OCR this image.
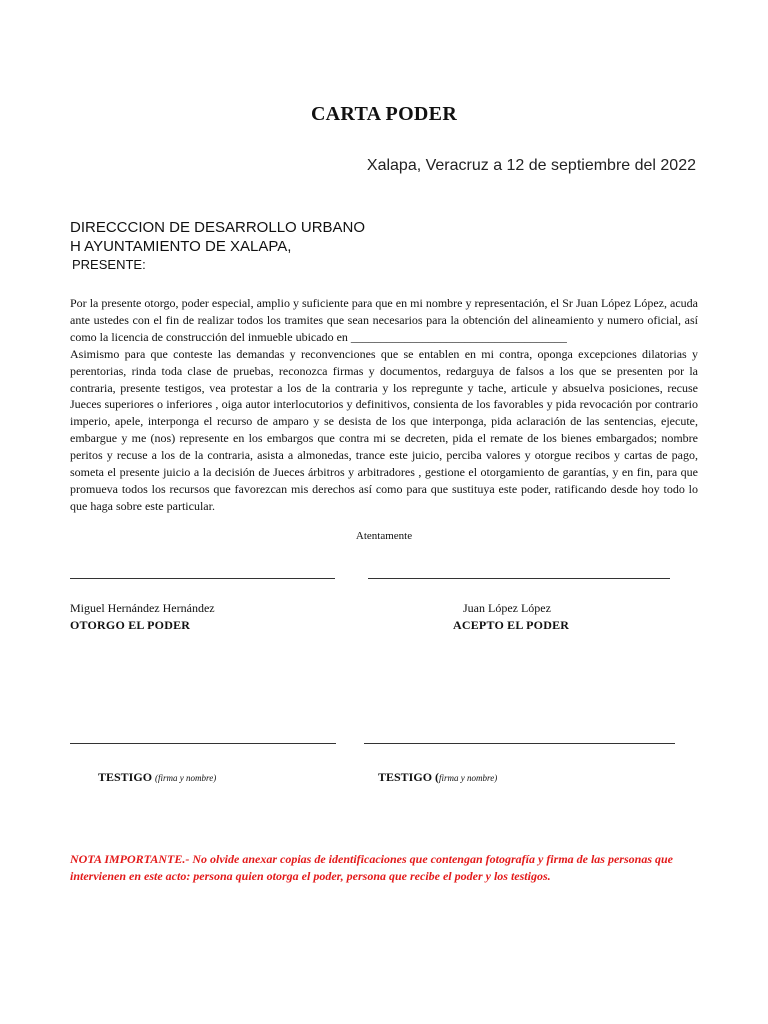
CARTA PODER

Xalapa, Veracruz a 12 de septiembre del 2022

DIRECCCION DE DESARROLLO URBANO

H AYUNTAMIENTO DE XALAPA,

PRESENTE:

Por la presente otorgo, poder especial, amplio y suficiente para que en mi nombre y representación, el Sr Juan López López, acuda ante ustedes con el fin de realizar todos los tramites que sean necesarios para la obtención del alineamiento y numero oficial, así como la licencia de construcción del inmueble ubicado en ____________________________________
Asimismo para que conteste las demandas y reconvenciones que se entablen en mi contra, oponga excepciones dilatorias y perentorias, rinda toda clase de pruebas, reconozca firmas y documentos, redarguya de falsos a los que se presenten por la contraria, presente testigos, vea protestar a los de la contraria y los repregunte y tache, articule y absuelva posiciones, recuse Jueces superiores o inferiores , oiga autor interlocutorios y definitivos, consienta de los favorables y pida revocación por contrario imperio, apele, interponga el recurso de amparo y se desista de los que interponga, pida aclaración de las sentencias, ejecute, embargue y me (nos) represente en los embargos que contra mi se decreten, pida el remate de los bienes embargados; nombre peritos y recuse a los de la contraria, asista a almonedas, trance este juicio, perciba valores y otorgue recibos y cartas de pago, someta el presente juicio a la decisión de Jueces árbitros y arbitradores , gestione el otorgamiento de garantías, y en fin, para que promueva todos los recursos que favorezcan mis derechos así como para que sustituya este poder, ratificando desde hoy todo lo que haga sobre este particular.

Atentamente

Miguel Hernández Hernández

OTORGO EL PODER

Juan López López

ACEPTO EL PODER

TESTIGO (firma y nombre)	TESTIGO (firma y nombre)

NOTA IMPORTANTE.- No olvide anexar copias de identificaciones que contengan fotografía y firma de las personas que intervienen en este acto: persona quien otorga el poder, persona que recibe el poder y los testigos.
